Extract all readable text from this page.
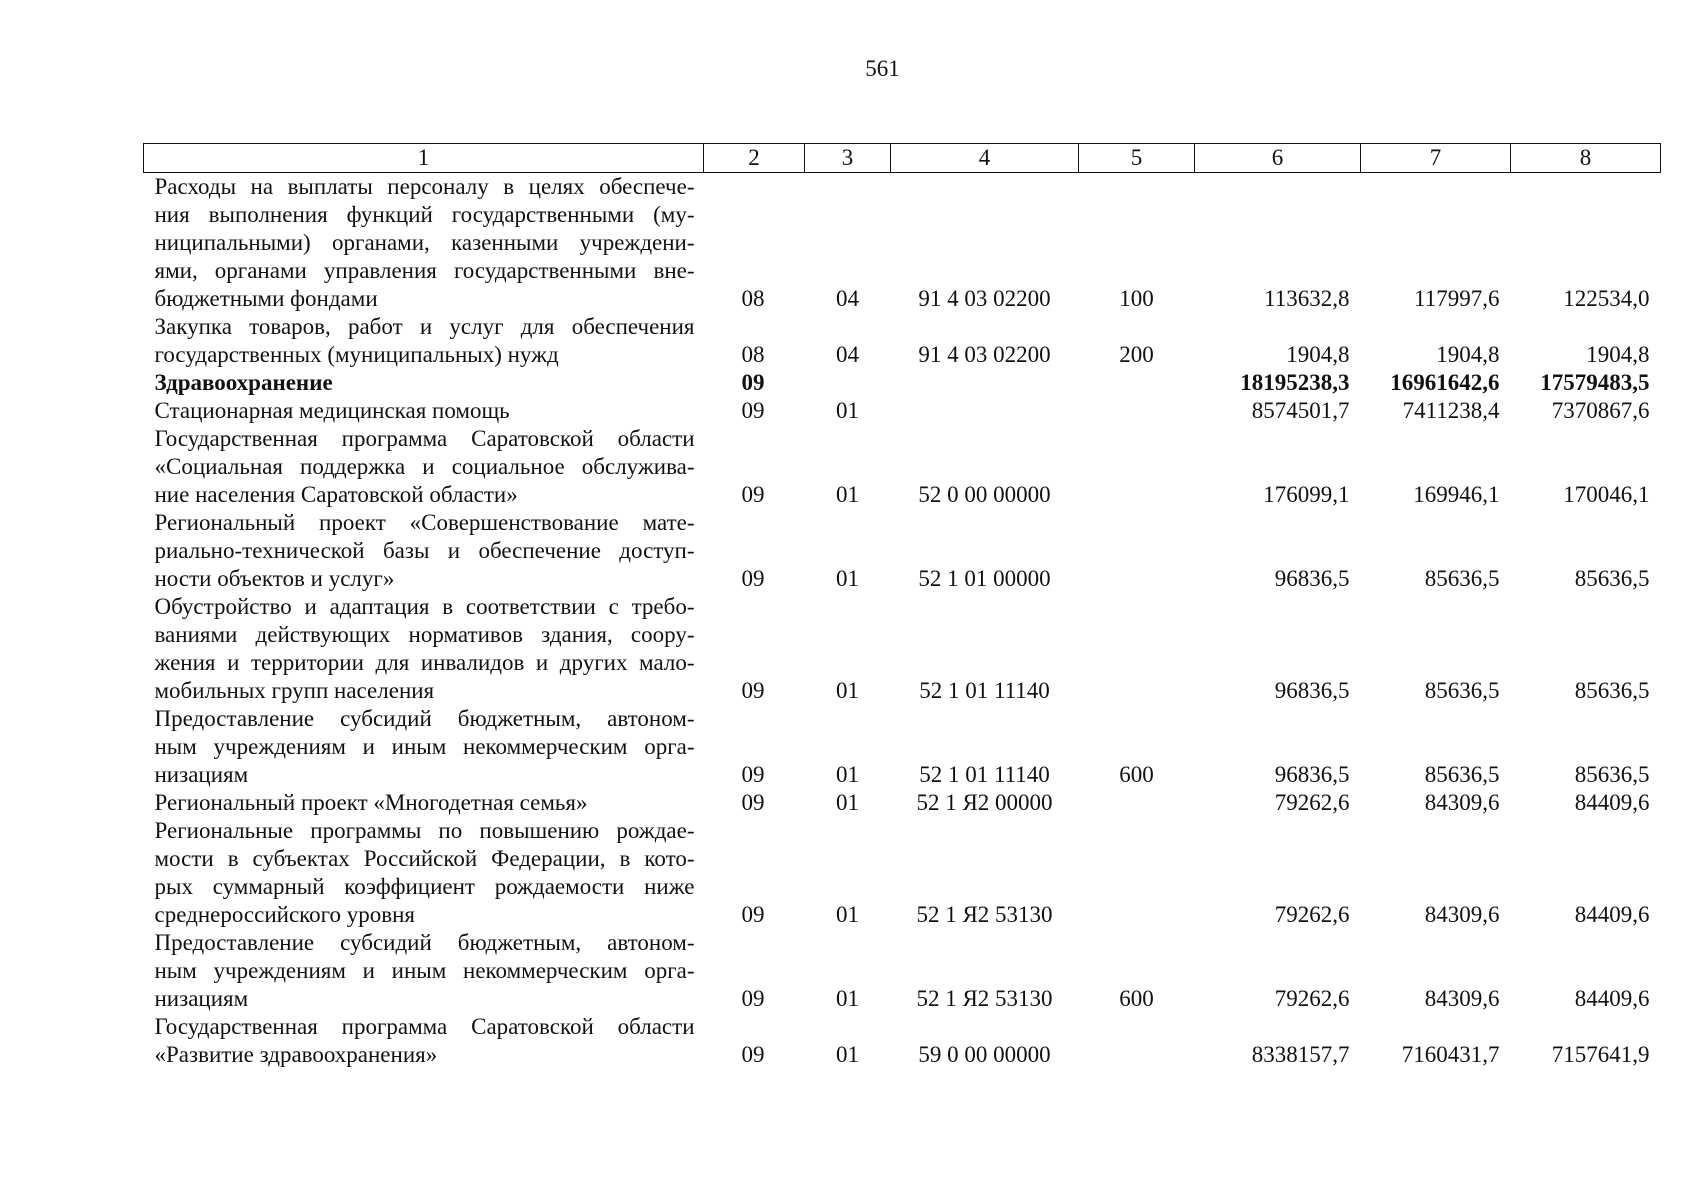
561
1	2	3	4	5	6	7	8

Расходы на выплаты персоналу в целях обеспече-
ния выполнения функций государственными (му-
ниципальными) органами, казенными учреждени-
ями, органами управления государственными вне-
бюджетными фондами	08	04	91 4 03 02200	100	113632,8	117997,6	122534,0

Закупка товаров, работ и услуг для обеспечения
государственных (муниципальных) нужд	08	04	91 4 03 02200	200	1904,8	1904,8	1904,8

Здравоохранение	09				18195238,3	16961642,6	17579483,5

Стационарная медицинская помощь	09	01			8574501,7	7411238,4	7370867,6

Государственная программа Саратовской области
«Социальная поддержка и социальное обслужива-
ние населения Саратовской области»	09	01	52 0 00 00000		176099,1	169946,1	170046,1

Региональный проект «Совершенствование мате-
риально-технической базы и обеспечение доступ-
ности объектов и услуг»	09	01	52 1 01 00000		96836,5	85636,5	85636,5

Обустройство и адаптация в соответствии с требо-
ваниями действующих нормативов здания, соору-
жения и территории для инвалидов и других мало-
мобильных групп населения	09	01	52 1 01 11140		96836,5	85636,5	85636,5

Предоставление субсидий бюджетным, автоном-
ным учреждениям и иным некоммерческим орга-
низациям	09	01	52 1 01 11140	600	96836,5	85636,5	85636,5

Региональный проект «Многодетная семья»	09	01	52 1 Я2 00000		79262,6	84309,6	84409,6

Региональные программы по повышению рождае-
мости в субъектах Российской Федерации, в кото-
рых суммарный коэффициент рождаемости ниже
среднероссийского уровня	09	01	52 1 Я2 53130		79262,6	84309,6	84409,6

Предоставление субсидий бюджетным, автоном-
ным учреждениям и иным некоммерческим орга-
низациям	09	01	52 1 Я2 53130	600	79262,6	84309,6	84409,6

Государственная программа Саратовской области
«Развитие здравоохранения»	09	01	59 0 00 00000		8338157,7	7160431,7	7157641,9
